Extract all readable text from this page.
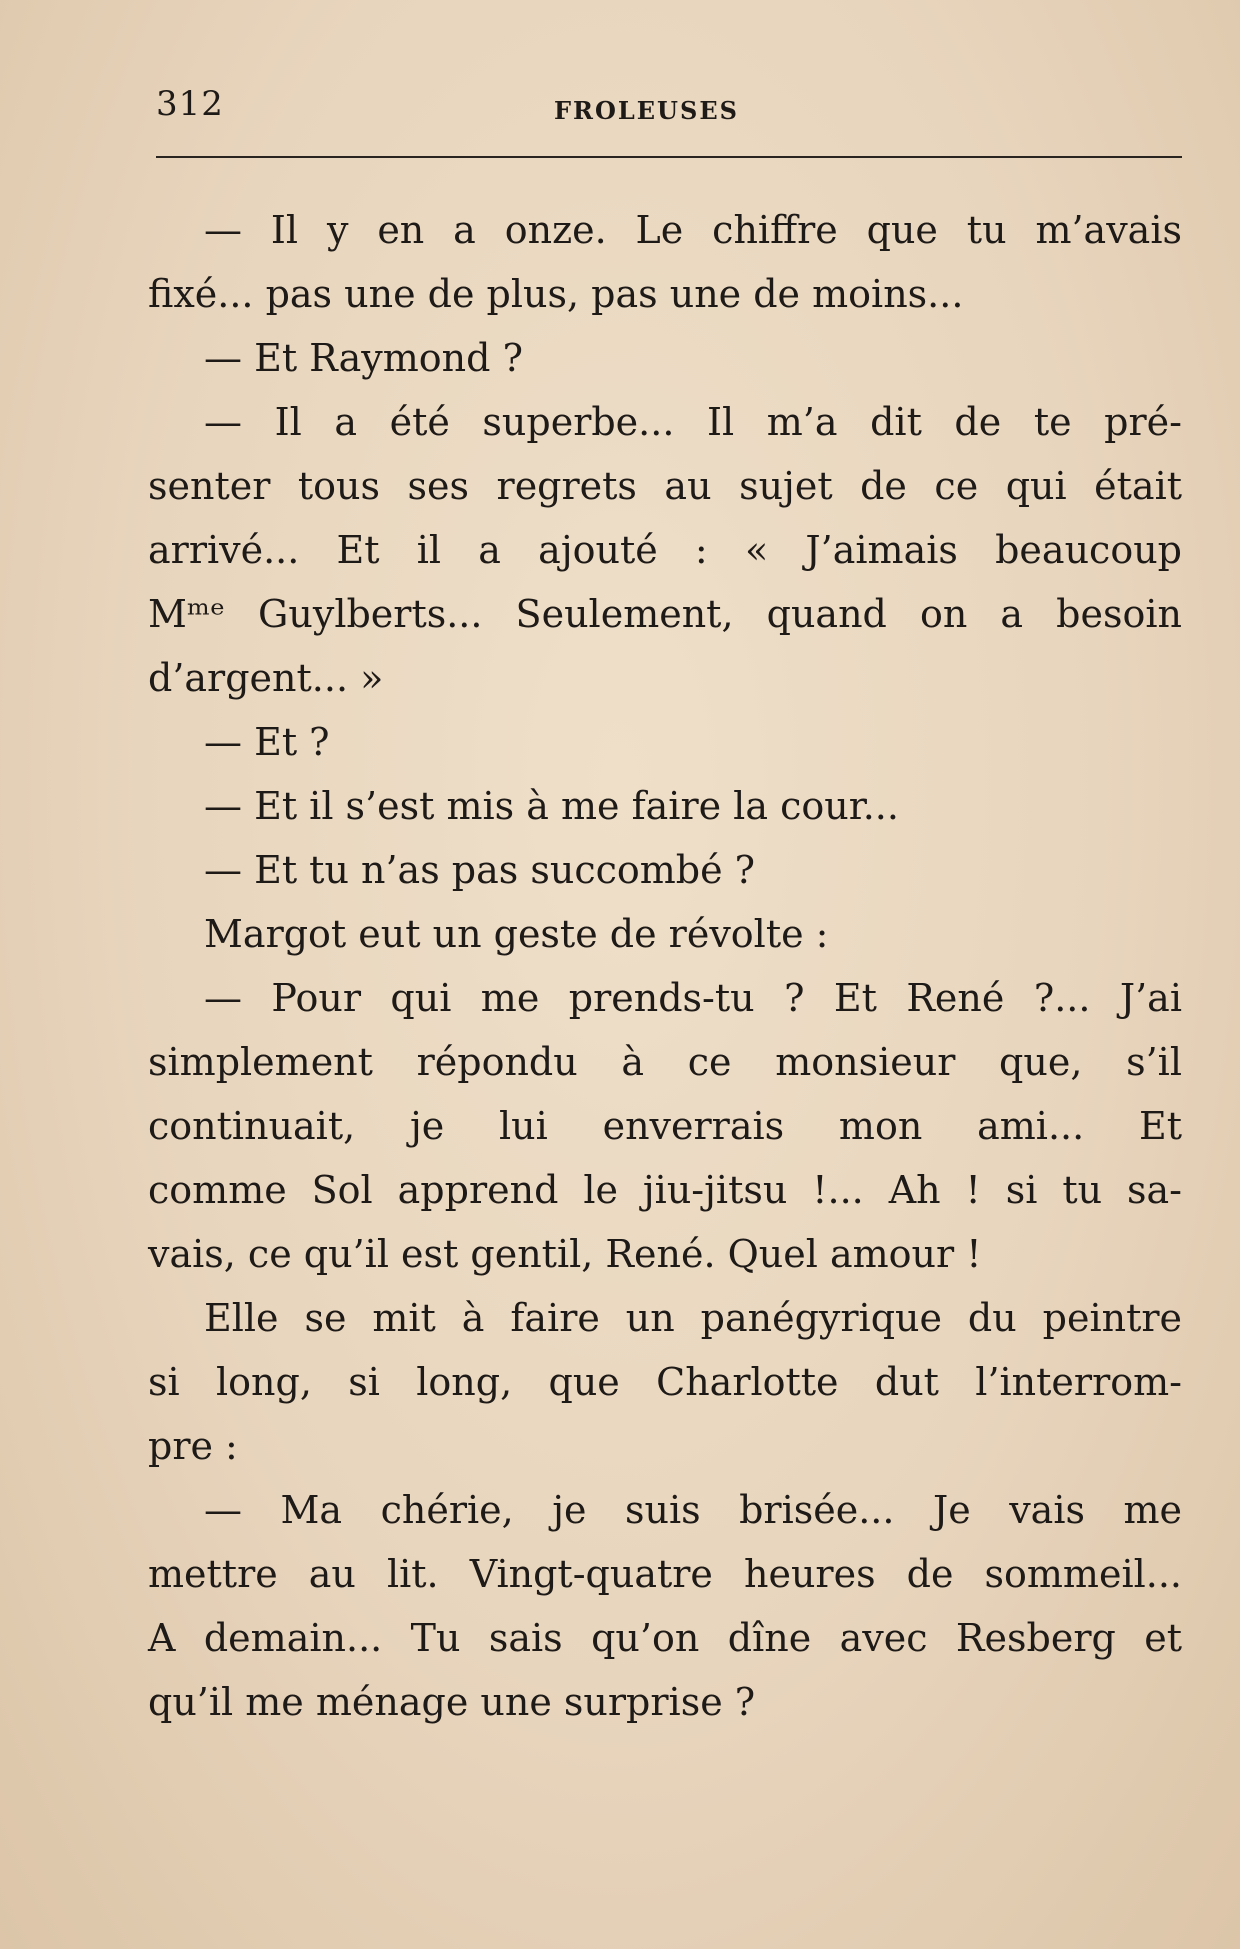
312	FROLEUSES
— Il y en a onze. Le chiffre que tu m’avais
fixé... pas une de plus, pas une de moins...
— Et Raymond ?
— Il a été superbe... Il m’a dit de te pré-
senter tous ses regrets au sujet de ce qui était
arrivé... Et il a ajouté : « J’aimais beaucoup
Mᵐᵉ Guylberts... Seulement, quand on a besoin
d’argent... »
— Et ?
— Et il s’est mis à me faire la cour...
— Et tu n’as pas succombé ?
Margot eut un geste de révolte :
— Pour qui me prends-tu ? Et René ?... J’ai
simplement répondu à ce monsieur que, s’il
continuait, je lui enverrais mon ami... Et
comme Sol apprend le jiu-jitsu !... Ah ! si tu sa-
vais, ce qu’il est gentil, René. Quel amour !
Elle se mit à faire un panégyrique du peintre
si long, si long, que Charlotte dut l’interrom-
pre :
— Ma chérie, je suis brisée... Je vais me
mettre au lit. Vingt-quatre heures de sommeil...
A demain... Tu sais qu’on dîne avec Resberg et
qu’il me ménage une surprise ?
